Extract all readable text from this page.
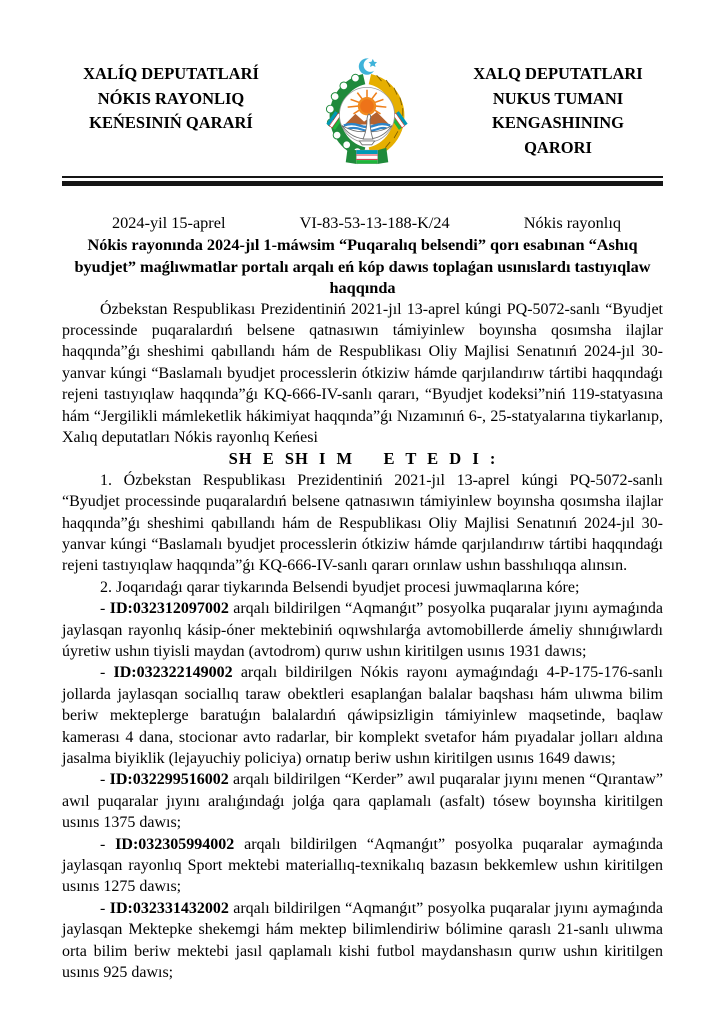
XALÍQ DEPUTATLARÍ
NÓKIS RAYONLIQ
KEŃESINIŃ QARARÍ
XALQ DEPUTATLARI
NUKUS TUMANI
KENGASHINING
QARORI
2024-yil 15-aprel	VI-83-53-13-188-K/24	Nókis rayonlıq
Nókis rayonında 2024-jıl 1-máwsim “Puqaralıq belsendi” qorı esabınan “Ashıq byudjet” maǵlıwmatlar portalı arqalı eń kóp dawıs toplaǵan usınıslardı tastıyıqlaw haqqında

Ózbekstan Respublikası Prezidentiniń 2021-jıl 13-aprel kúngi PQ-5072-sanlı “Byudjet processinde puqaralardıń belsene qatnasıwın támiyinlew boyınsha qosımsha ilajlar haqqında”ǵı sheshimi qabıllandı hám de Respublikası Oliy Majlisi Senatınıń 2024-jıl 30-yanvar kúngi “Baslamalı byudjet processlerin ótkiziw hámde qarjılandırıw tártibi haqqındaǵı rejeni tastıyıqlaw haqqında”ǵı KQ-666-IV-sanlı qararı, “Byudjet kodeksi”niń 119-statyasına hám “Jergilikli mámleketlik hákimiyat haqqında”ǵı Nızamınıń 6-, 25-statyalarına tiykarlanıp, Xalıq deputatları Nókis rayonlıq Keńesi

SH E SH I M   E T E D I :

1. Ózbekstan Respublikası Prezidentiniń 2021-jıl 13-aprel kúngi PQ-5072-sanlı “Byudjet processinde puqaralardıń belsene qatnasıwın támiyinlew boyınsha qosımsha ilajlar haqqında”ǵı sheshimi qabıllandı hám de Respublikası Oliy Majlisi Senatınıń 2024-jıl 30-yanvar kúngi “Baslamalı byudjet processlerin ótkiziw hámde qarjılandırıw tártibi haqqındaǵı rejeni tastıyıqlaw haqqında”ǵı KQ-666-IV-sanlı qararı orınlaw ushın basshılıqqa alınsın.

2. Joqarıdaǵı qarar tiykarında Belsendi byudjet procesi juwmaqlarına kóre;

- ID:032312097002 arqalı bildirilgen “Aqmanǵıt” posyolka puqaralar jıyını aymaǵında jaylasqan rayonlıq kásip-óner mektebiniń oqıwshılarǵa avtomobillerde ámeliy shınıǵıwlardı úyretiw ushın tiyisli maydan (avtodrom) qurıw ushın kiritilgen usınıs 1931 dawıs;

- ID:032322149002 arqalı bildirilgen Nókis rayonı aymaǵındaǵı 4-P-175-176-sanlı jollarda jaylasqan sociallıq taraw obektleri esaplanǵan balalar baqshası hám ulıwma bilim beriw mekteplerge baratuǵın balalardıń qáwipsizligin támiyinlew maqsetinde, baqlaw kamerası 4 dana, stocionar avto radarlar, bir komplekt svetafor hám pıyadalar jolları aldına jasalma biyiklik (lejayuchiy policiya) ornatıp beriw ushın kiritilgen usınıs 1649 dawıs;

- ID:032299516002 arqalı bildirilgen “Kerder” awıl puqaralar jıyını menen “Qırantaw” awıl puqaralar jıyını aralıǵındaǵı jolǵa qara qaplamalı (asfalt) tósew boyınsha kiritilgen usınıs 1375 dawıs;

- ID:032305994002 arqalı bildirilgen “Aqmanǵıt” posyolka puqaralar aymaǵında jaylasqan rayonlıq Sport mektebi materiallıq-texnikalıq bazasın bekkemlew ushın kiritilgen usınıs 1275 dawıs;

- ID:032331432002 arqalı bildirilgen “Aqmanǵıt” posyolka puqaralar jıyını aymaǵında jaylasqan Mektepke shekemgi hám mektep bilimlendiriw bólimine qaraslı 21-sanlı ulıwma orta bilim beriw mektebi jasıl qaplamalı kishi futbol maydanshasın qurıw ushın kiritilgen usınıs 925 dawıs;
